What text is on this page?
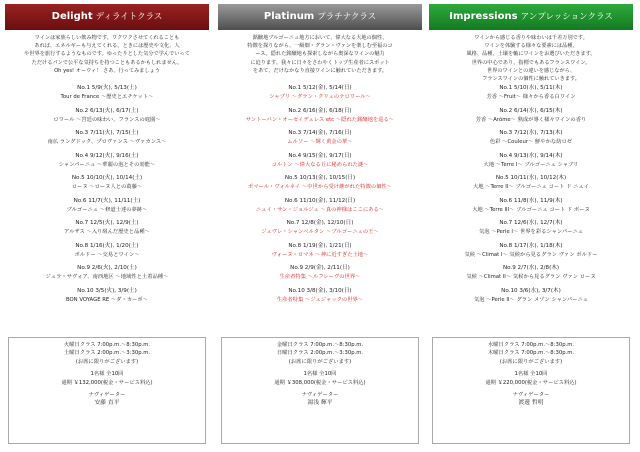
Delight ディライトクラス

ワインは家族らしい飲み物です。ワクワクさせてくれることも

あれば、エネルギーも与えてくれる。ときには歴史や文化、人

や世界を旅行するようなものです。ゆったりとした気分で学んでいって

ただけるパンで公平な気持ちを持つこともあるかもしれません。

Oh yes! オーウィ！ さあ、行ってみましょう

No.1 5/9(火), 5/13(土)
Tour de France ～歴史とエチケット～
No.2 6/13(火), 6/17(土)
ロワール ～宮廷の味わい、フランスの庭園～
No.3 7/11(火), 7/15(土)
南仏 ラングドック、プロヴァンス ～ヴァカンス～
No.4 9/12(火), 9/16(土)
シャンパーニュ ～華麗の泡とその効能～
No.5 10/10(火), 10/14(土)
ローヌ ～ローヌ人との葛藤～
No.6 11/7(火), 11/11(土)
ブルゴーニュ ～修道士達の夢跡～
No.7 12/5(火), 12/9(土)
アルザス ～入り組んだ歴史と品種～
No.8 1/16(火), 1/20(土)
ボルドー ～交易とワイン～
No.9 2/6(火), 2/10(土)
ジュラ・サヴォア、南西地区 ～地域性と土着品種～
No.10 3/5(火), 3/9(土)
BON VOYAGE RE ～ダ・カーポ～
火曜日クラス 7:00p.m.～8:30p.m.
土曜日クラス 2:00p.m.～3:30p.m.
(お席に限りがございます)
1名様 全10回
通期 ￥132,000(税金・サービス料込)
ナヴィゲーター
安藤 直平
Platinum プラチナクラス

銘醸地ブルゴーニュ地方において、偉大なる大地の個性、

特徴を探りながら、一級畑・グラン・ヴァンを楽しむ至福のコ

ース。隠れた銘醸地も探索しながら奥深なワインの魅力

に迫ります。我々に日々をさわやくトップ生産者にスポット

をあて、だけなかなり直接ワインに触れていただきます。

No.1 5/12(金), 5/14(日)
シャブリ ～グラン・クリュのテロワール～
No.2 6/16(金), 6/18(日)
サントーバン・オーセイデュレス etc ～隠れた銘醸地を巡る～
No.3 7/14(金), 7/16(日)
ムルソー ～輝く黄金の華～
No.4 9/15(金), 9/17(日)
コルトン ～偉大なる丘に秘められた謎～
No.5 10/13(金), 10/15(日)
ポマール・ヴォルネイ ～中世から受け継がれた特徴の個性～
No.6 11/10(金), 11/12(日)
ニュイ・サン・ジョルジュ ～真の神様はここにある～
No.7 12/8(金), 12/10(日)
ジュヴレ・シャンベルタン ～ブルゴーニュの王～
No.8 1/19(金), 1/21(日)
ヴォーヌ・ロマネ ～神に近すぎた土地～
No.9 2/9(金), 2/11(日)
生産者特集 ～ルフレーヴの世界～
No.10 3/8(金), 3/10(日)
生産者特集 ～ジュジャックの世界～
金曜日クラス 7:00p.m.～8:30p.m.
日曜日クラス 2:00p.m.～3:30p.m.
(お席に限りがございます)
1名様 全10回
通期 ￥308,000(税金・サービス料込)
ナヴィゲーター
湯浅 輝平
Impressions アンプレッションクラス

ワインから感じる香りや味わいは千差万別です。

ワインを体験する様々な要素には品種、

風格、品種、土壌を軸にワインをお選びいただきます。

世界の中心であり、指標でもあるフランスワイン。

世界のワインとの違いを感じながら、

フランスワインの個性に触れていきます。

No.1 5/10(水), 5/11(木)
芳香 ～Fruit～ 様々から香る白ワイン
No.2 6/14(水), 6/15(木)
芳香 ～Arôme～ 熟成が導く様々ワインの香り
No.3 7/12(水), 7/13(木)
色彩 ～Couleur～ 鮮やかな紡ロゼ
No.4 9/13(水), 9/14(木)
大地 ～Terre I～ ブルゴーニュ シャブリ
No.5 10/11(水), 10/12(木)
大地 ～Terre II～ ブルゴーニュ コート ド ニュイ
No.6 11/8(水), 11/9(木)
大地 ～Terre III～ ブルゴーニュ コート ド ボーヌ
No.7 12/6(水), 12/7(木)
気泡 ～Perle I～ 世界を彩るシャンパーニュ
No.8 1/17(水), 1/18(木)
気候 ～Climat I～ 気候から見るグラン ヴァン ボルドー
No.9 2/7(水), 2/8(木)
気候 ～Climat II～ 気候から見るグラン ヴァン ローヌ
No.10 3/6(水), 3/7(木)
気泡 ～Perle II～ グラン メゾン シャンパーニュ
水曜日クラス 7:00p.m.～8:30p.m.
木曜日クラス 7:00p.m.～8:30p.m.
(お席に限りがございます)
1名様 全10回
通期 ￥220,000(税金・サービス料込)
ナヴィゲーター
渡邊 哲明
